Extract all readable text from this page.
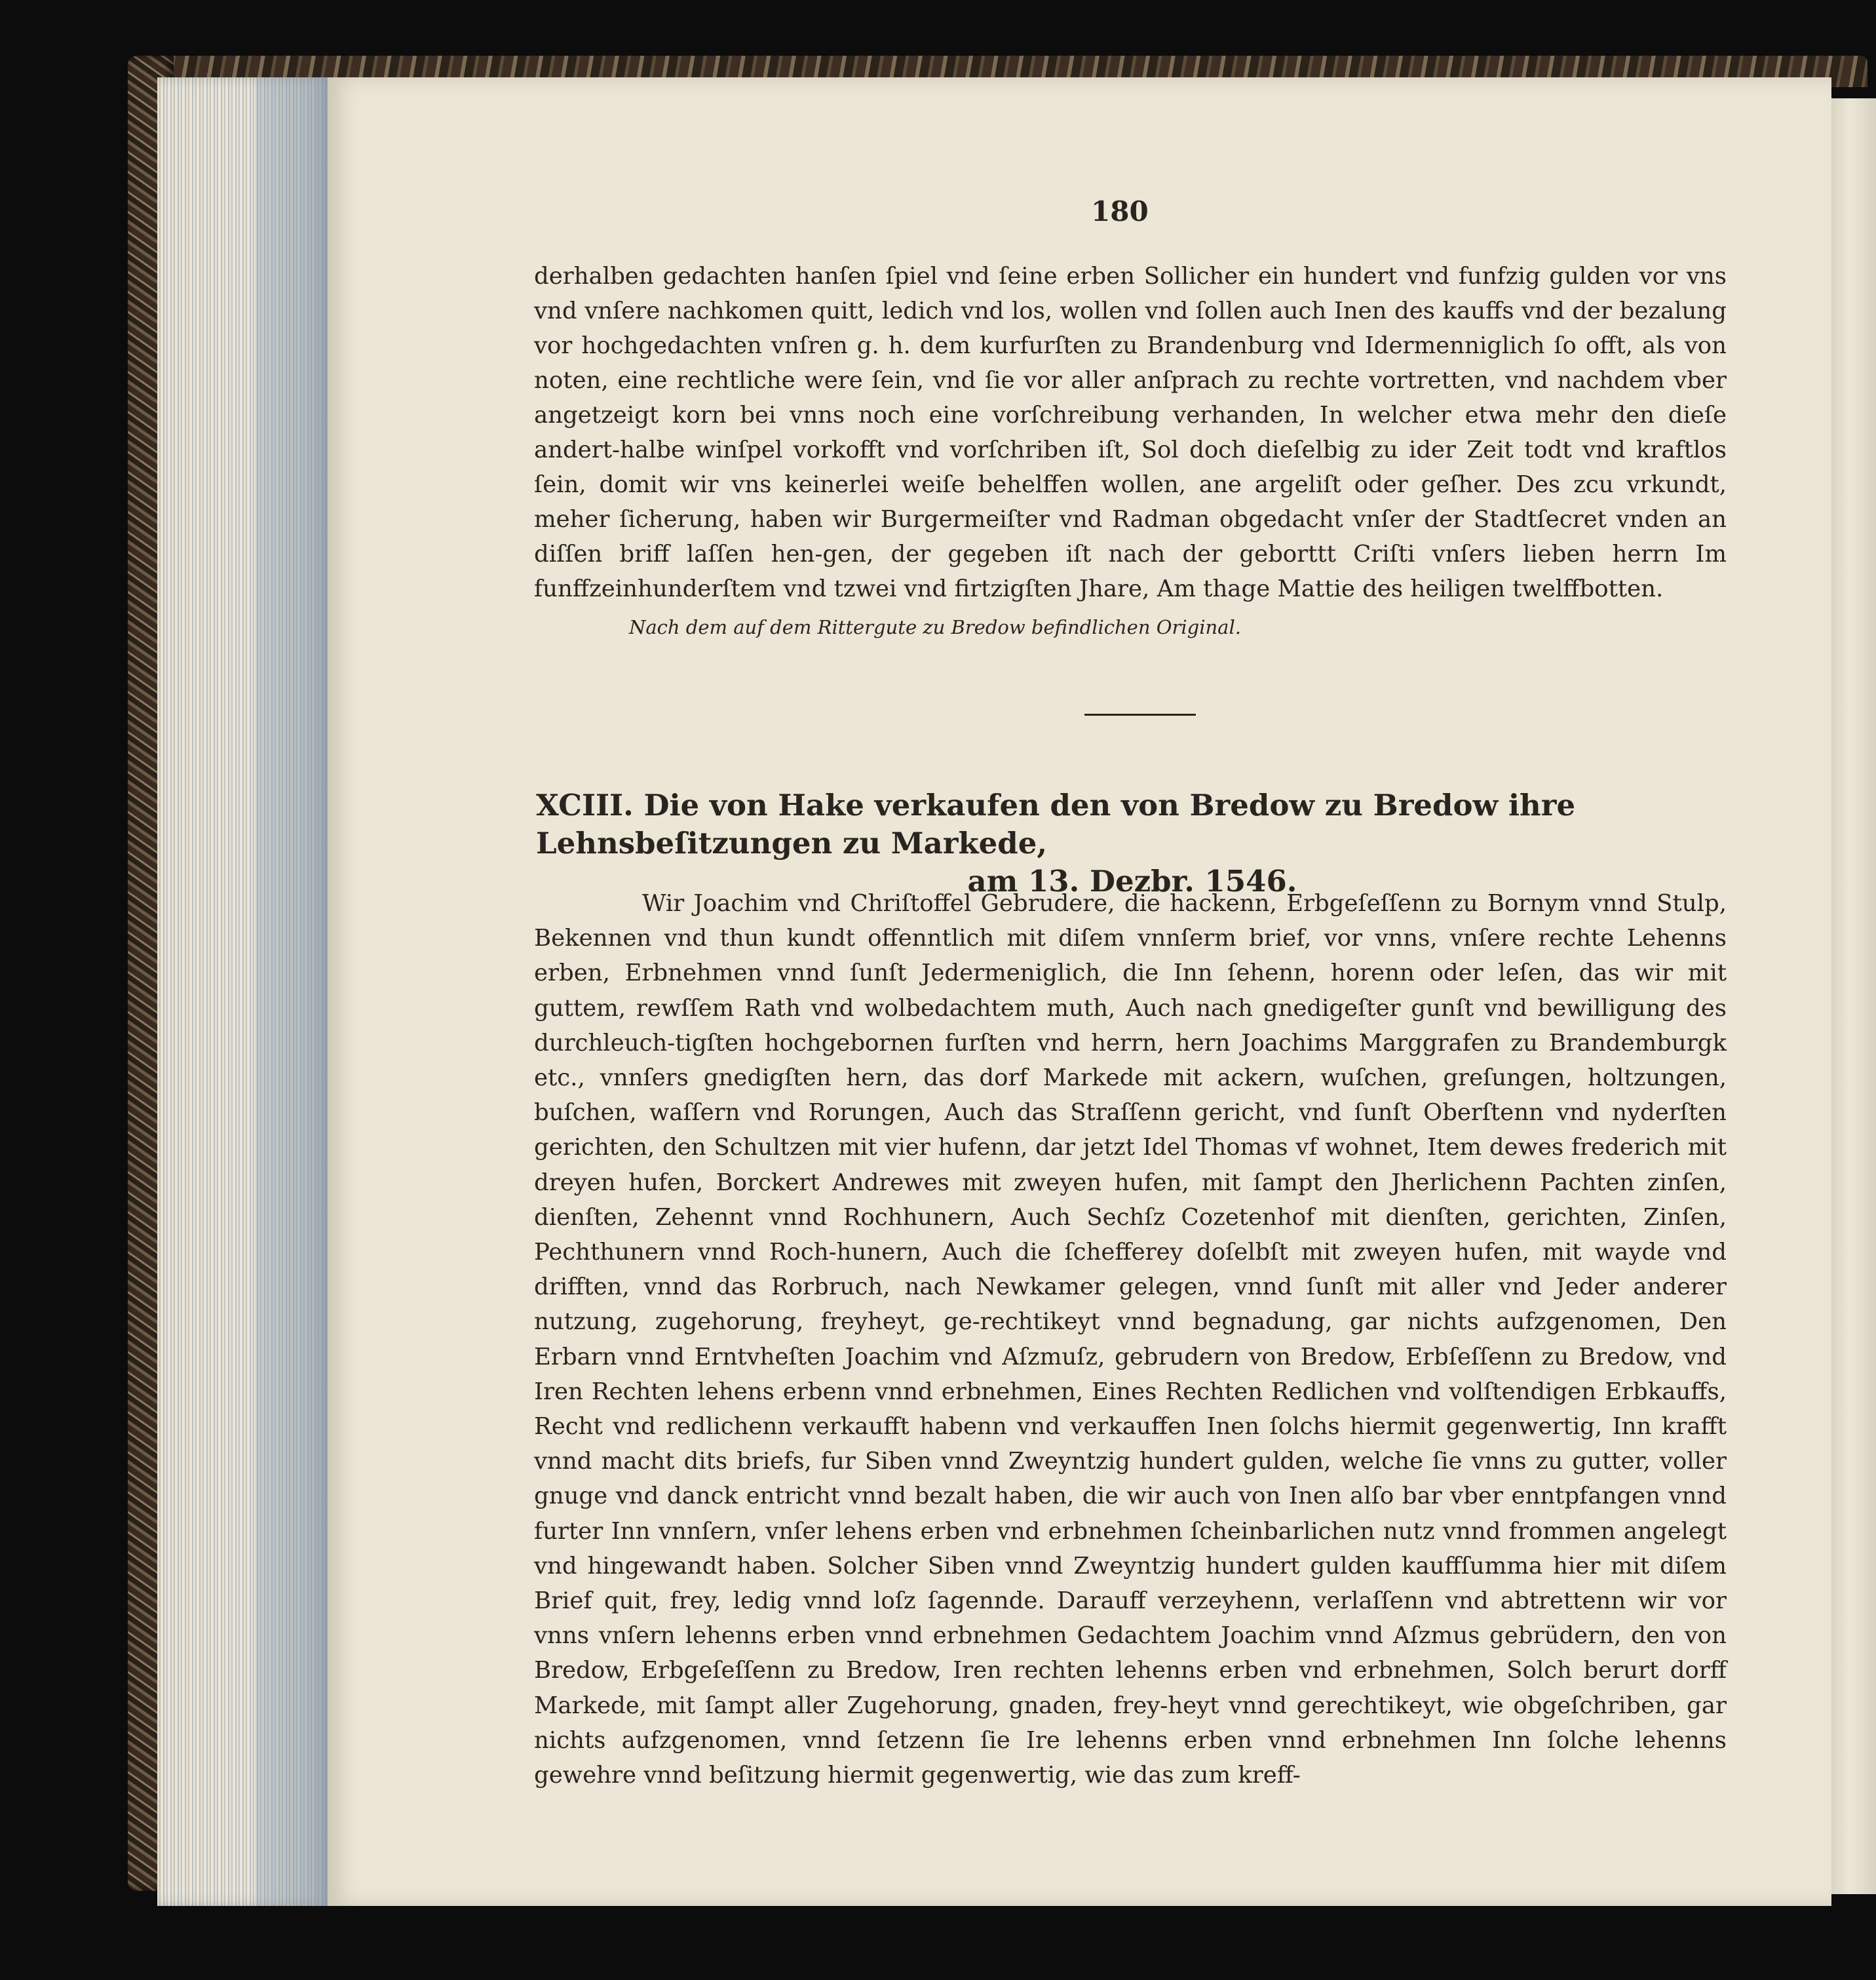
180
derhalben gedachten hanſen ſpiel vnd ſeine erben Sollicher ein hundert vnd funfzig gulden vor vns vnd vnſere nachkomen quitt, ledich vnd los, wollen vnd ſollen auch Inen des kauffs vnd der bezalung vor hochgedachten vnſren g. h. dem kurfurſten zu Brandenburg vnd Idermenniglich ſo offt, als von noten, eine rechtliche were ſein, vnd ſie vor aller anſprach zu rechte vortretten, vnd nachdem vber angetzeigt korn bei vnns noch eine vorſchreibung verhanden, In welcher etwa mehr den dieſe andert-halbe winſpel vorkofft vnd vorſchriben iſt, Sol doch dieſelbig zu ider Zeit todt vnd kraftlos ſein, domit wir vns keinerlei weiſe behelffen wollen, ane argeliſt oder geſher. Des zcu vrkundt, meher ſicherung, haben wir Burgermeiſter vnd Radman obgedacht vnſer der Stadtſecret vnden an diſſen briff laſſen hen-gen, der gegeben iſt nach der geborttt Criſti vnſers lieben herrn Im funffzeinhunderſtem vnd tzwei vnd firtzigſten Jhare, Am thage Mattie des heiligen twelffbotten.
Nach dem auf dem Rittergute zu Bredow befindlichen Original.
XCIII. Die von Hake verkaufen den von Bredow zu Bredow ihre Lehnsbeſitzungen zu Markede,
am 13. Dezbr. 1546.
Wir Joachim vnd Chriſtoffel Gebrudere, die hackenn, Erbgeſeſſenn zu Bornym vnnd Stulp, Bekennen vnd thun kundt offenntlich mit diſem vnnſerm brief, vor vnns, vnſere rechte Lehenns erben, Erbnehmen vnnd ſunſt Jedermeniglich, die Inn ſehenn, horenn oder leſen, das wir mit guttem, rewſſem Rath vnd wolbedachtem muth, Auch nach gnedigeſter gunſt vnd bewilligung des durchleuch-tigſten hochgebornen furſten vnd herrn, hern Joachims Marggrafen zu Brandemburgk etc., vnnſers gnedigſten hern, das dorf Markede mit ackern, wuſchen, greſungen, holtzungen, buſchen, waſſern vnd Rorungen, Auch das Straſſenn gericht, vnd ſunſt Oberſtenn vnd nyderſten gerichten, den Schultzen mit vier hufenn, dar jetzt Idel Thomas vf wohnet, Item dewes frederich mit dreyen hufen, Borckert Andrewes mit zweyen hufen, mit ſampt den Jherlichenn Pachten zinſen, dienſten, Zehennt vnnd Rochhunern, Auch Sechſz Cozetenhof mit dienſten, gerichten, Zinſen, Pechthunern vnnd Roch-hunern, Auch die ſchefferey doſelbſt mit zweyen hufen, mit wayde vnd drifften, vnnd das Rorbruch, nach Newkamer gelegen, vnnd ſunſt mit aller vnd Jeder anderer nutzung, zugehorung, freyheyt, ge-rechtikeyt vnnd begnadung, gar nichts aufzgenomen, Den Erbarn vnnd Erntvheſten Joachim vnd Aſzmuſz, gebrudern von Bredow, Erbſeſſenn zu Bredow, vnd Iren Rechten lehens erbenn vnnd erbnehmen, Eines Rechten Redlichen vnd volſtendigen Erbkauffs, Recht vnd redlichenn verkaufft habenn vnd verkauffen Inen ſolchs hiermit gegenwertig, Inn krafft vnnd macht dits briefs, fur Siben vnnd Zweyntzig hundert gulden, welche ſie vnns zu gutter, voller gnuge vnd danck entricht vnnd bezalt haben, die wir auch von Inen alſo bar vber enntpfangen vnnd furter Inn vnnſern, vnſer lehens erben vnd erbnehmen ſcheinbarlichen nutz vnnd frommen angelegt vnd hingewandt haben. Solcher Siben vnnd Zweyntzig hundert gulden kauffſumma hier mit diſem Brief quit, frey, ledig vnnd loſz ſagennde. Darauff verzeyhenn, verlaſſenn vnd abtrettenn wir vor vnns vnſern lehenns erben vnnd erbnehmen Gedachtem Joachim vnnd Aſzmus gebrüdern, den von Bredow, Erbgeſeſſenn zu Bredow, Iren rechten lehenns erben vnd erbnehmen, Solch berurt dorff Markede, mit ſampt aller Zugehorung, gnaden, frey-heyt vnnd gerechtikeyt, wie obgeſchriben, gar nichts aufzgenomen, vnnd ſetzenn ſie Ire lehenns erben vnnd erbnehmen Inn ſolche lehenns gewehre vnnd beſitzung hiermit gegenwertig, wie das zum kreff-
